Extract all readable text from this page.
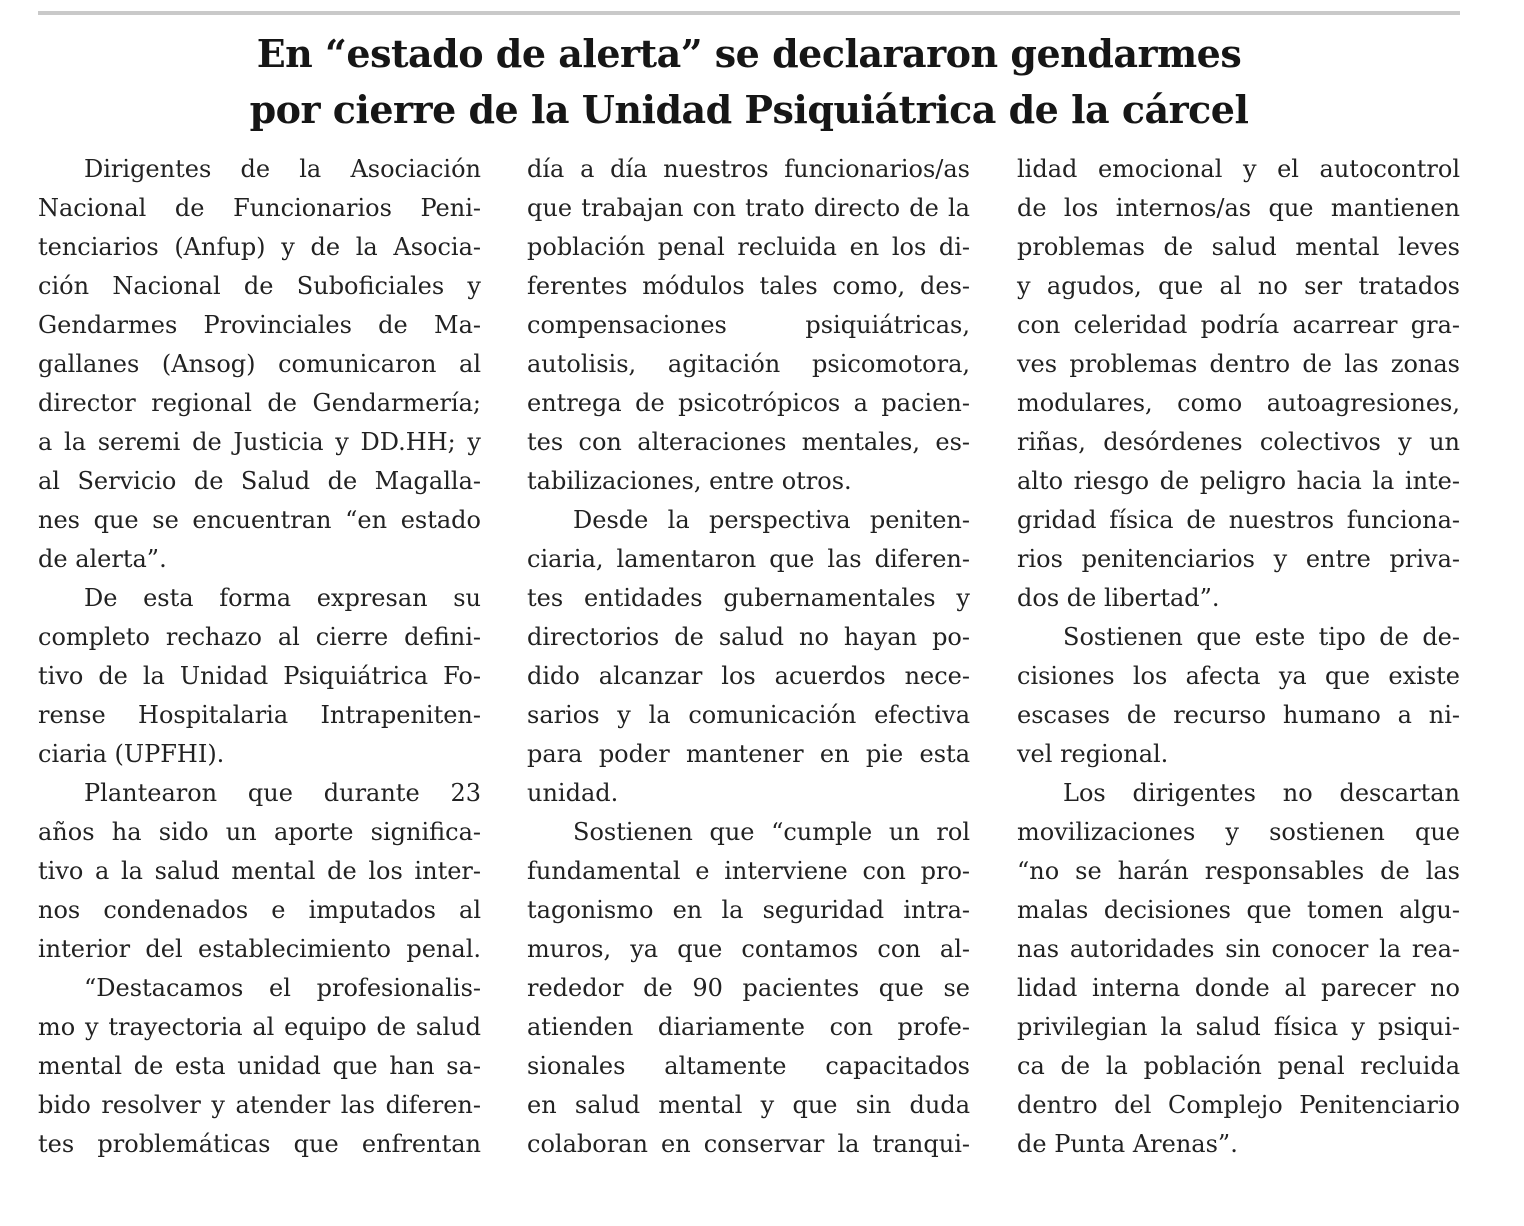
En “estado de alerta” se declararon gendarmes
por cierre de la Unidad Psiquiátrica de la cárcel
Dirigentes de la Asociación
Nacional de Funcionarios Peni-
tenciarios (Anfup) y de la Asocia-
ción Nacional de Suboficiales y
Gendarmes Provinciales de Ma-
gallanes (Ansog) comunicaron al
director regional de Gendarmería;
a la seremi de Justicia y DD.HH; y
al Servicio de Salud de Magalla-
nes que se encuentran “en estado
de alerta”.
De esta forma expresan su
completo rechazo al cierre defini-
tivo de la Unidad Psiquiátrica Fo-
rense Hospitalaria Intrapeniten-
ciaria (UPFHI).
Plantearon que durante 23
años ha sido un aporte significa-
tivo a la salud mental de los inter-
nos condenados e imputados al
interior del establecimiento penal.
“Destacamos el profesionalis-
mo y trayectoria al equipo de salud
mental de esta unidad que han sa-
bido resolver y atender las diferen-
tes problemáticas que enfrentan
día a día nuestros funcionarios/as
que trabajan con trato directo de la
población penal recluida en los di-
ferentes módulos tales como, des-
compensaciones psiquiátricas,
autolisis, agitación psicomotora,
entrega de psicotrópicos a pacien-
tes con alteraciones mentales, es-
tabilizaciones, entre otros.
Desde la perspectiva peniten-
ciaria, lamentaron que las diferen-
tes entidades gubernamentales y
directorios de salud no hayan po-
dido alcanzar los acuerdos nece-
sarios y la comunicación efectiva
para poder mantener en pie esta
unidad.
Sostienen que “cumple un rol
fundamental e interviene con pro-
tagonismo en la seguridad intra-
muros, ya que contamos con al-
rededor de 90 pacientes que se
atienden diariamente con profe-
sionales altamente capacitados
en salud mental y que sin duda
colaboran en conservar la tranqui-
lidad emocional y el autocontrol
de los internos/as que mantienen
problemas de salud mental leves
y agudos, que al no ser tratados
con celeridad podría acarrear gra-
ves problemas dentro de las zonas
modulares, como autoagresiones,
riñas, desórdenes colectivos y un
alto riesgo de peligro hacia la inte-
gridad física de nuestros funciona-
rios penitenciarios y entre priva-
dos de libertad”.
Sostienen que este tipo de de-
cisiones los afecta ya que existe
escases de recurso humano a ni-
vel regional.
Los dirigentes no descartan
movilizaciones y sostienen que
“no se harán responsables de las
malas decisiones que tomen algu-
nas autoridades sin conocer la rea-
lidad interna donde al parecer no
privilegian la salud física y psiqui-
ca de la población penal recluida
dentro del Complejo Penitenciario
de Punta Arenas”.
